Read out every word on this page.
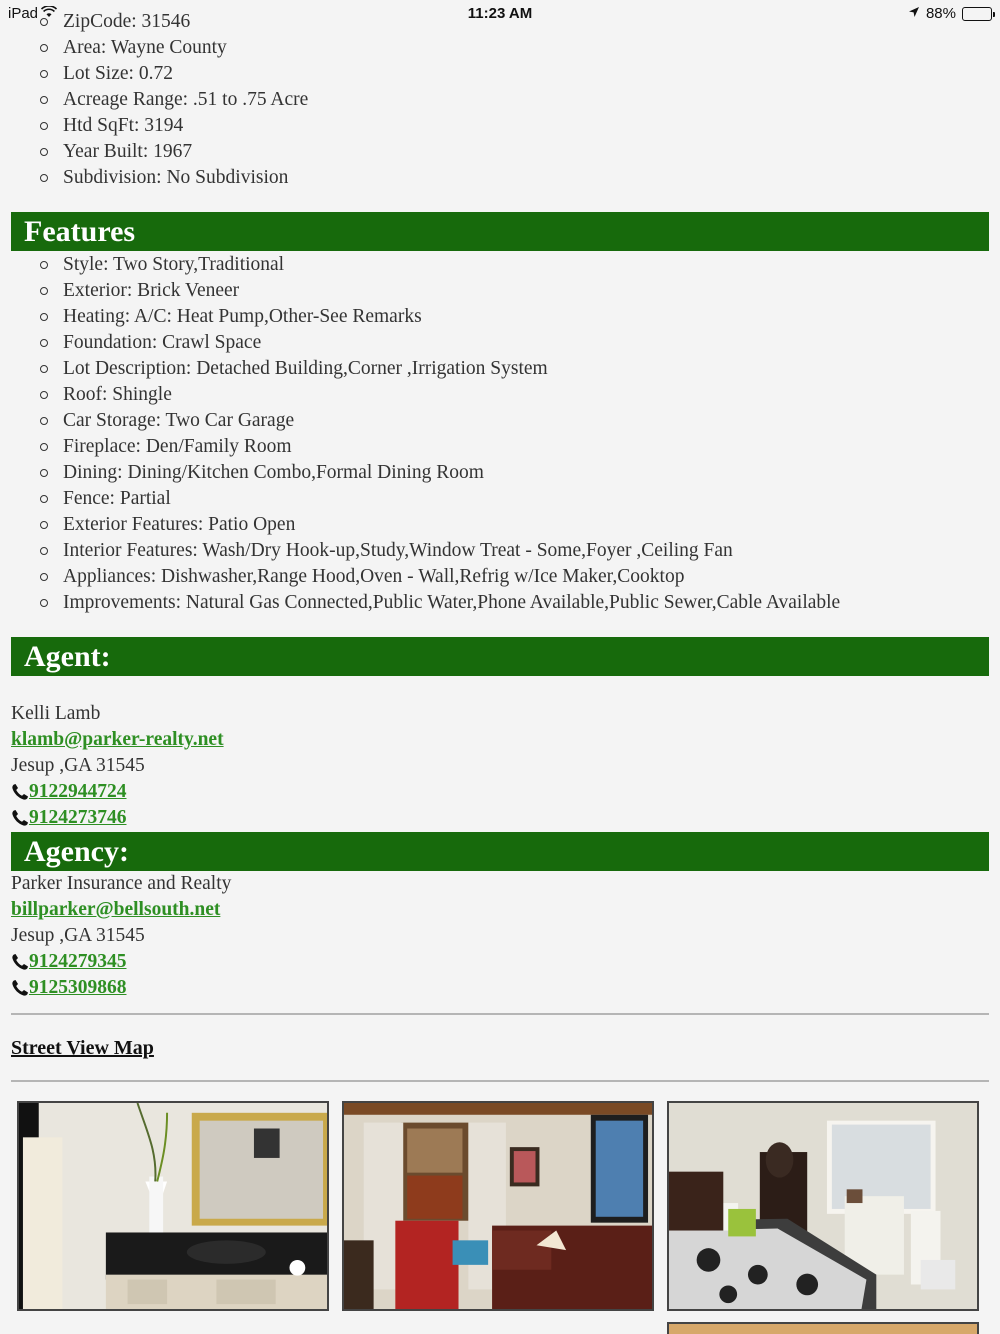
iPad	11:23 AM	88%
ZipCode: 31546
Area: Wayne County
Lot Size: 0.72
Acreage Range: .51 to .75 Acre
Htd SqFt: 3194
Year Built: 1967
Subdivision: No Subdivision
Features
Style: Two Story,Traditional
Exterior: Brick Veneer
Heating: A/C: Heat Pump,Other-See Remarks
Foundation: Crawl Space
Lot Description: Detached Building,Corner ,Irrigation System
Roof: Shingle
Car Storage: Two Car Garage
Fireplace: Den/Family Room
Dining: Dining/Kitchen Combo,Formal Dining Room
Fence: Partial
Exterior Features: Patio Open
Interior Features: Wash/Dry Hook-up,Study,Window Treat - Some,Foyer ,Ceiling Fan
Appliances: Dishwasher,Range Hood,Oven - Wall,Refrig w/Ice Maker,Cooktop
Improvements: Natural Gas Connected,Public Water,Phone Available,Public Sewer,Cable Available
Agent:
Kelli Lamb
klamb@parker-realty.net
Jesup ,GA 31545
9122944724
9124273746
Agency:
Parker Insurance and Realty
billparker@bellsouth.net
Jesup ,GA 31545
9124279345
9125309868
Street View Map
